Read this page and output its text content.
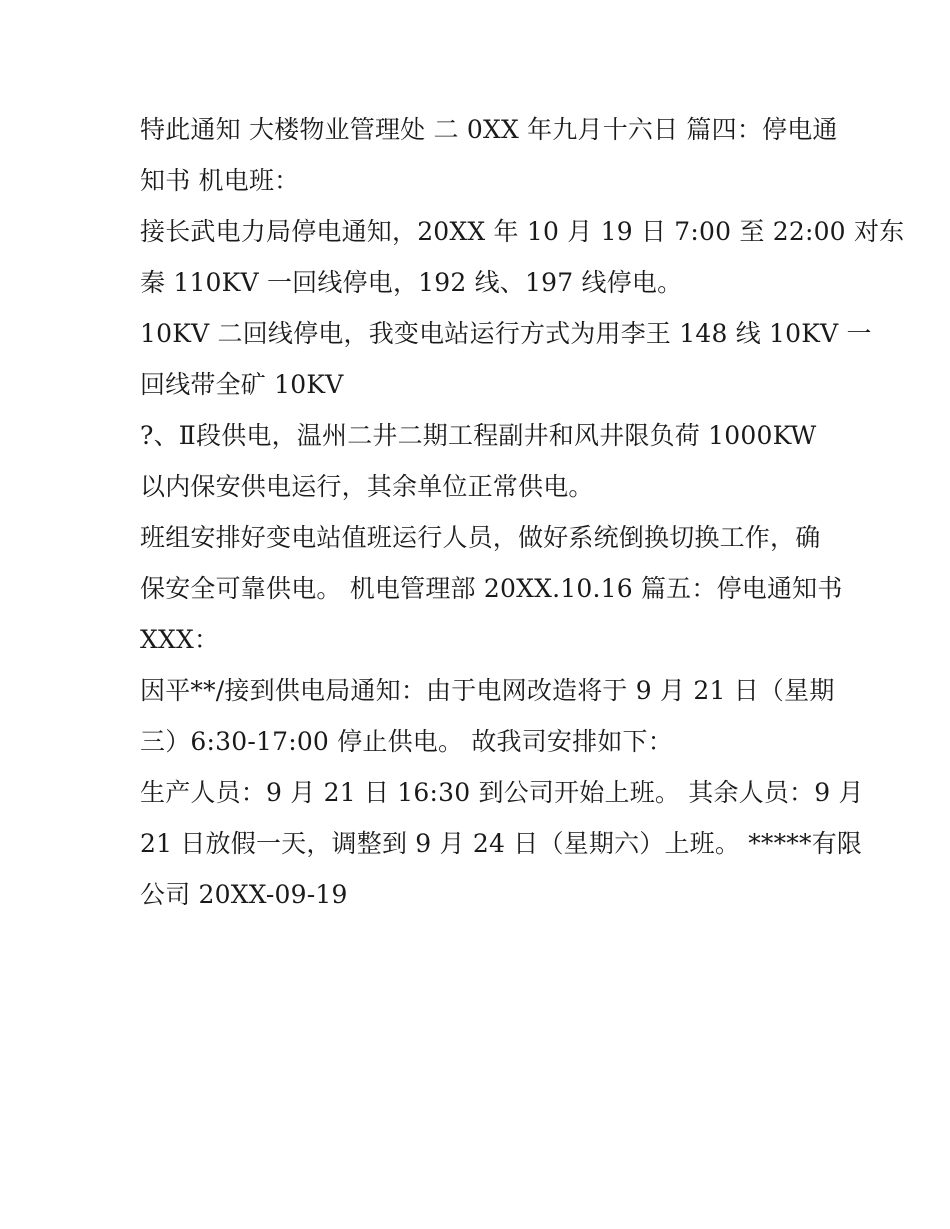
特此通知 大楼物业管理处 二 0XX 年九月十六日 篇四：停电通
知书 机电班：
接长武电力局停电通知，20XX 年 10 月 19 日 7:00 至 22:00 对东
秦 110KV 一回线停电，192 线、197 线停电。
10KV 二回线停电，我变电站运行方式为用李王 148 线 10KV 一
回线带全矿 10KV
?、Ⅱ段供电，温州二井二期工程副井和风井限负荷 1000KW
以内保安供电运行，其余单位正常供电。
班组安排好变电站值班运行人员，做好系统倒换切换工作，确
保安全可靠供电。 机电管理部 20XX.10.16 篇五：停电通知书
XXX：
因平**/接到供电局通知：由于电网改造将于 9 月 21 日（星期
三）6:30-17:00 停止供电。 故我司安排如下：
生产人员：9 月 21 日 16:30 到公司开始上班。 其余人员：9 月
21 日放假一天，调整到 9 月 24 日（星期六）上班。 *****有限
公司 20XX-09-19
